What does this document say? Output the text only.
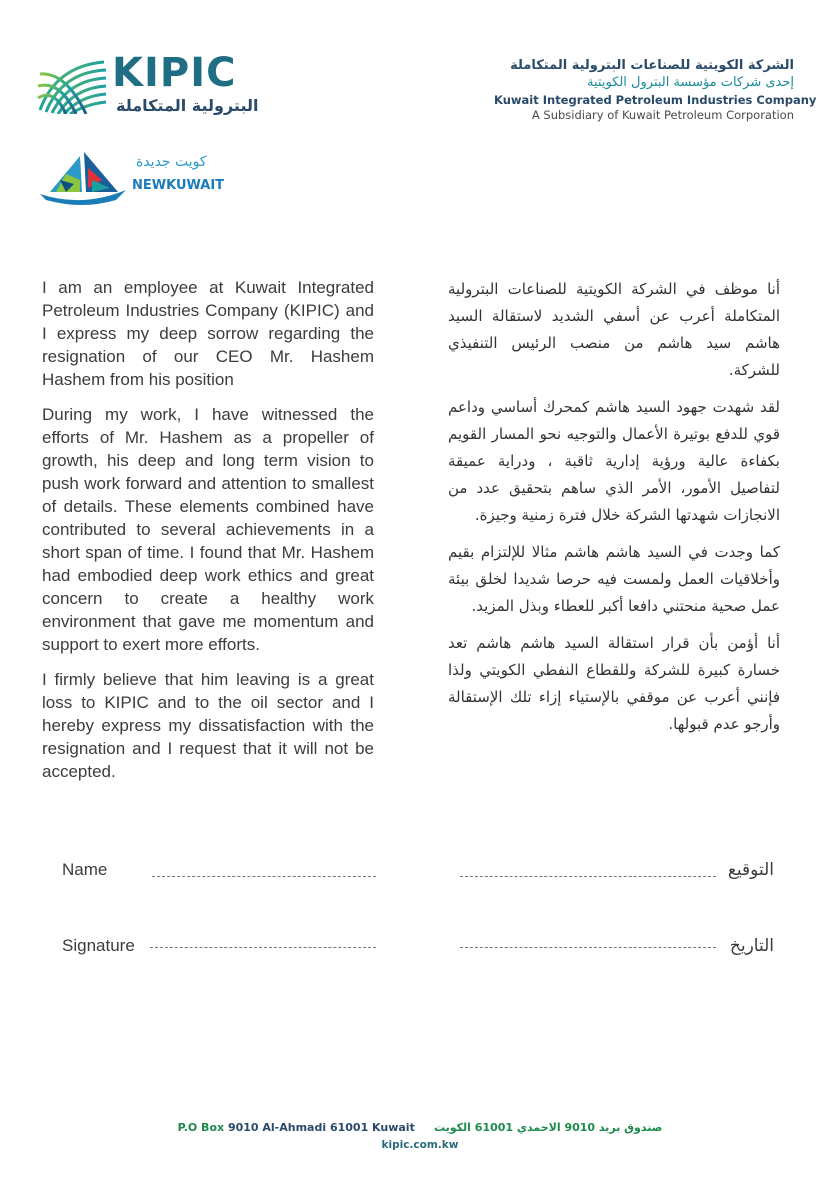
KIPIC
البترولية المتكاملة
كويت جديدة
NEWKUWAIT
الشركة الكويتية للصناعات البترولية المتكاملة
إحدى شركات مؤسسة البترول الكويتية
Kuwait Integrated Petroleum Industries Company
A Subsidiary of Kuwait Petroleum Corporation

I am an employee at Kuwait Integrated Petroleum Industries Company (KIPIC) and I express my deep sorrow regarding the resignation of our CEO Mr. Hashem Hashem from his position

During my work, I have witnessed the efforts of Mr. Hashem as a propeller of growth, his deep and long term vision to push work forward and attention to smallest of details. These elements combined have contributed to several achievements in a short span of time. I found that Mr. Hashem had embodied deep work ethics and great concern to create a healthy work environment that gave me momentum and support to exert more efforts.

I firmly believe that him leaving is a great loss to KIPIC and to the oil sector and I hereby express my dissatisfaction with the resignation and I request that it will not be accepted.

أنا موظف في الشركة الكويتية للصناعات البترولية المتكاملة أعرب عن أسفي الشديد لاستقالة السيد هاشم سيد هاشم من منصب الرئيس التنفيذي للشركة.

لقد شهدت جهود السيد هاشم كمحرك أساسي وداعم قوي للدفع بوتيرة الأعمال والتوجيه نحو المسار القويم بكفاءة عالية ورؤية إدارية ثاقبة ، ودراية عميقة لتفاصيل الأمور، الأمر الذي ساهم بتحقيق عدد من الانجازات شهدتها الشركة خلال فترة زمنية وجيزة.

كما وجدت في السيد هاشم هاشم مثالا للإلتزام بقيم وأخلاقيات العمل ولمست فيه حرصا شديدا لخلق بيئة عمل صحية منحتني دافعا أكبر للعطاء وبذل المزيد.

أنا أؤمن بأن قرار استقالة السيد هاشم هاشم تعد خسارة كبيرة للشركة وللقطاع النفطي الكويتي ولذا فإنني أعرب عن موقفي بالإستياء إزاء تلك الإستقالة وأرجو عدم قبولها.

Name
Signature
التوقيع
التاريخ
P.O Box 9010 Al-Ahmadi 61001 Kuwait صندوق بريد 9010 الاحمدي 61001 الكويت
kipic.com.kw
